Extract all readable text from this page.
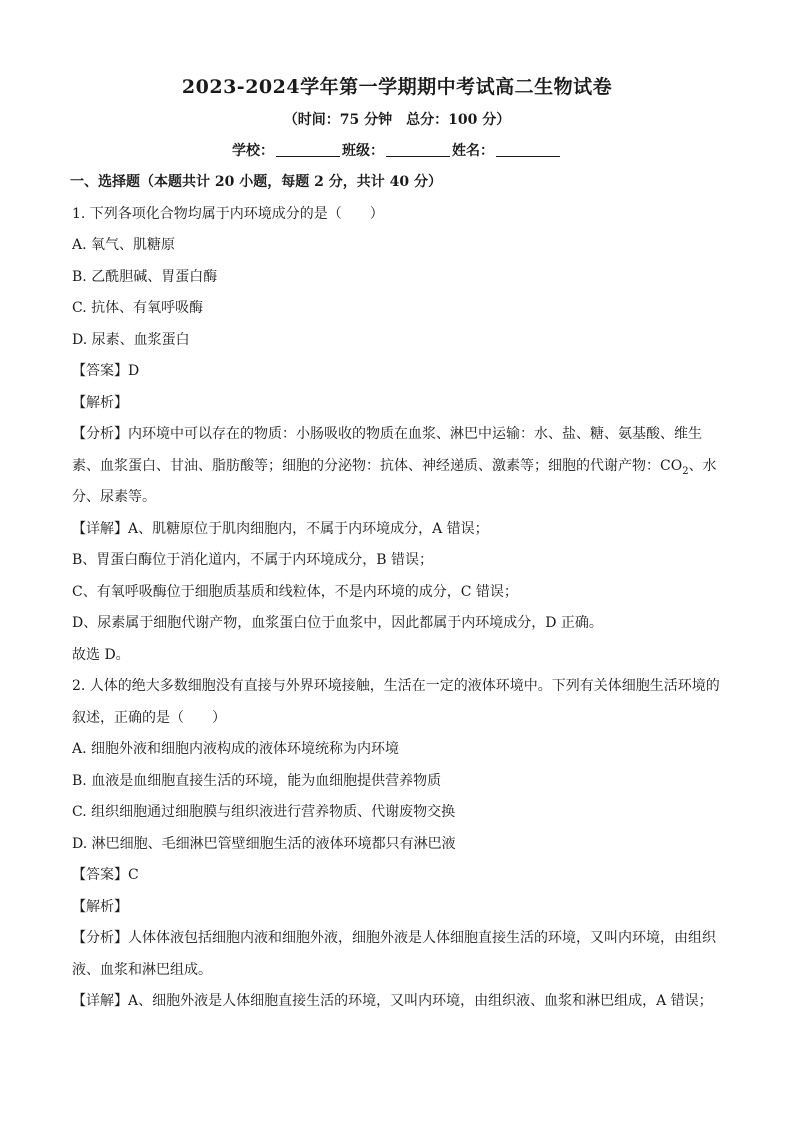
2023-2024学年第一学期期中考试高二生物试卷
（时间：75 分钟　总分：100 分）
学校：	班级：	姓名：
一、选择题（本题共计 20 小题，每题 2 分，共计 40 分）
1. 下列各项化合物均属于内环境成分的是（　　）
A. 氧气、肌糖原
B. 乙酰胆碱、胃蛋白酶
C. 抗体、有氧呼吸酶
D. 尿素、血浆蛋白
【答案】D
【解析】
【分析】内环境中可以存在的物质：小肠吸收的物质在血浆、淋巴中运输：水、盐、糖、氨基酸、维生
素、血浆蛋白、甘油、脂肪酸等；细胞的分泌物：抗体、神经递质、激素等；细胞的代谢产物：$CO_2$、水
分、尿素等。
【详解】A、肌糖原位于肌肉细胞内，不属于内环境成分，A 错误；
B、胃蛋白酶位于消化道内，不属于内环境成分，B 错误；
C、有氧呼吸酶位于细胞质基质和线粒体，不是内环境的成分，C 错误；
D、尿素属于细胞代谢产物，血浆蛋白位于血浆中，因此都属于内环境成分，D 正确。
故选 D。
2. 人体的绝大多数细胞没有直接与外界环境接触，生活在一定的液体环境中。下列有关体细胞生活环境的
叙述，正确的是（　　）
A. 细胞外液和细胞内液构成的液体环境统称为内环境
B. 血液是血细胞直接生活的环境，能为血细胞提供营养物质
C. 组织细胞通过细胞膜与组织液进行营养物质、代谢废物交换
D. 淋巴细胞、毛细淋巴管壁细胞生活的液体环境都只有淋巴液
【答案】C
【解析】
【分析】人体体液包括细胞内液和细胞外液，细胞外液是人体细胞直接生活的环境，又叫内环境，由组织
液、血浆和淋巴组成。
【详解】A、细胞外液是人体细胞直接生活的环境，又叫内环境，由组织液、血浆和淋巴组成，A 错误；
